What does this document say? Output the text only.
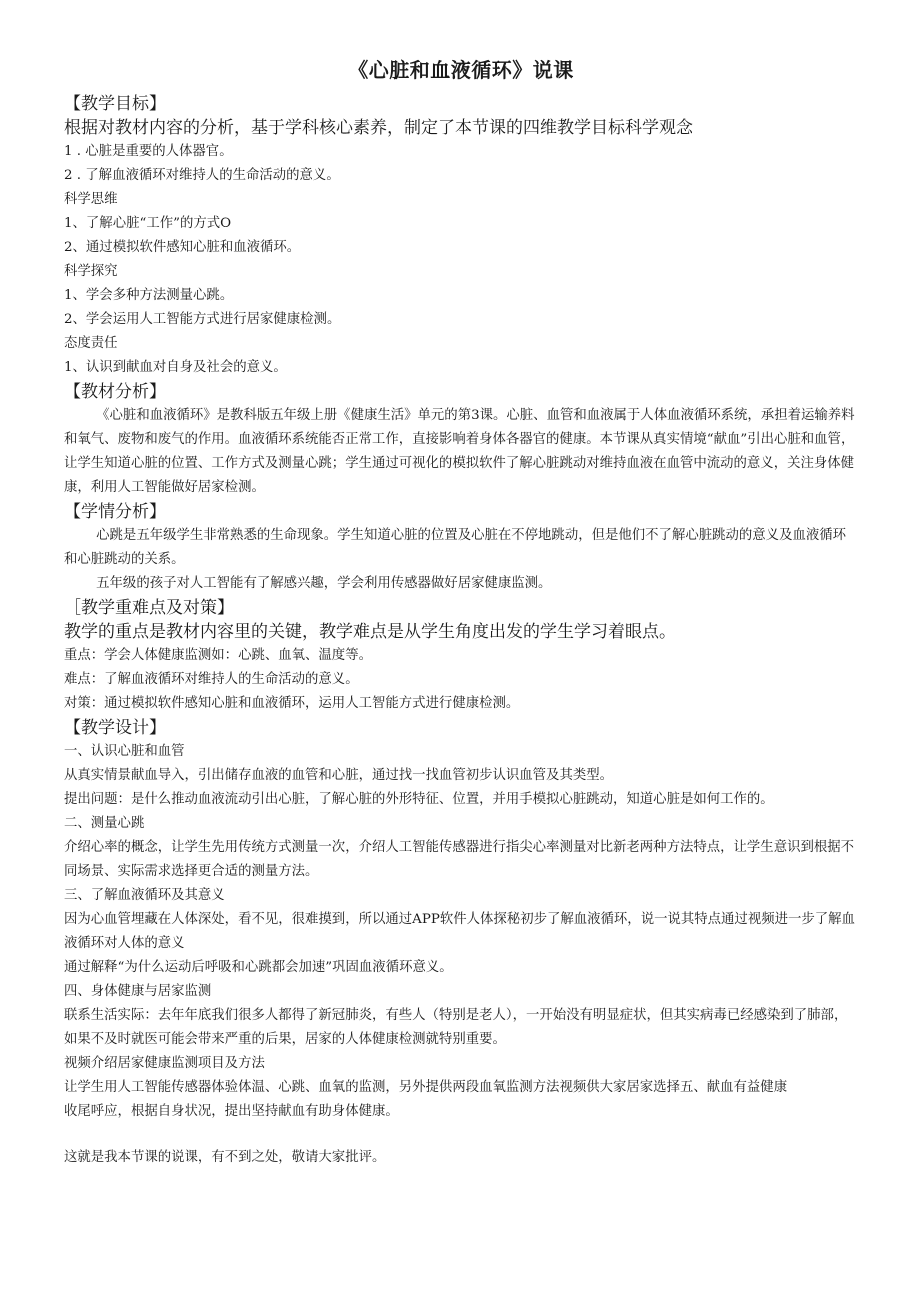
《心脏和血液循环》说课
【教学目标】

根据对教材内容的分析，基于学科核心素养，制定了本节课的四维教学目标科学观念

1 . 心脏是重要的人体器官。

2 . 了解血液循环对维持人的生命活动的意义。

科学思维

1、了解心脏“工作”的方式O

2、通过模拟软件感知心脏和血液循环。

科学探究

1、学会多种方法测量心跳。

2、学会运用人工智能方式进行居家健康检测。

态度责任

1、认识到献血对自身及社会的意义。

【教材分析】

《心脏和血液循环》是教科版五年级上册《健康生活》单元的第3课。心脏、血管和血液属于人体血液循环系统，承担着运输养料和氧气、废物和废气的作用。血液循环系统能否正常工作，直接影响着身体各器官的健康。本节课从真实情境“献血”引出心脏和血管，让学生知道心脏的位置、工作方式及测量心跳；学生通过可视化的模拟软件了解心脏跳动对维持血液在血管中流动的意义，关注身体健康，利用人工智能做好居家检测。

【学情分析】

心跳是五年级学生非常熟悉的生命现象。学生知道心脏的位置及心脏在不停地跳动，但是他们不了解心脏跳动的意义及血液循环和心脏跳动的关系。

五年级的孩子对人工智能有了解感兴趣，学会利用传感器做好居家健康监测。

［教学重难点及对策】

教学的重点是教材内容里的关键，教学难点是从学生角度出发的学生学习着眼点。

重点：学会人体健康监测如：心跳、血氧、温度等。

难点：了解血液循环对维持人的生命活动的意义。

对策：通过模拟软件感知心脏和血液循环，运用人工智能方式进行健康检测。

【教学设计】

一、认识心脏和血管

从真实情景献血导入，引出储存血液的血管和心脏，通过找一找血管初步认识血管及其类型。

提出问题：是什么推动血液流动引出心脏，了解心脏的外形特征、位置，并用手模拟心脏跳动，知道心脏是如何工作的。

二、测量心跳

介绍心率的概念，让学生先用传统方式测量一次，介绍人工智能传感器进行指尖心率测量对比新老两种方法特点，让学生意识到根据不同场景、实际需求选择更合适的测量方法。

三、了解血液循环及其意义

因为心血管埋藏在人体深处，看不见，很难摸到，所以通过APP软件人体探秘初步了解血液循环，说一说其特点通过视频进一步了解血液循环对人体的意义

通过解释“为什么运动后呼吸和心跳都会加速”巩固血液循环意义。

四、身体健康与居家监测

联系生活实际：去年年底我们很多人都得了新冠肺炎，有些人（特别是老人），一开始没有明显症状，但其实病毒已经感染到了肺部，如果不及时就医可能会带来严重的后果，居家的人体健康检测就特别重要。

视频介绍居家健康监测项目及方法

让学生用人工智能传感器体验体温、心跳、血氧的监测，另外提供两段血氧监测方法视频供大家居家选择五、献血有益健康

收尾呼应，根据自身状况，提出坚持献血有助身体健康。

这就是我本节课的说课，有不到之处，敬请大家批评。
